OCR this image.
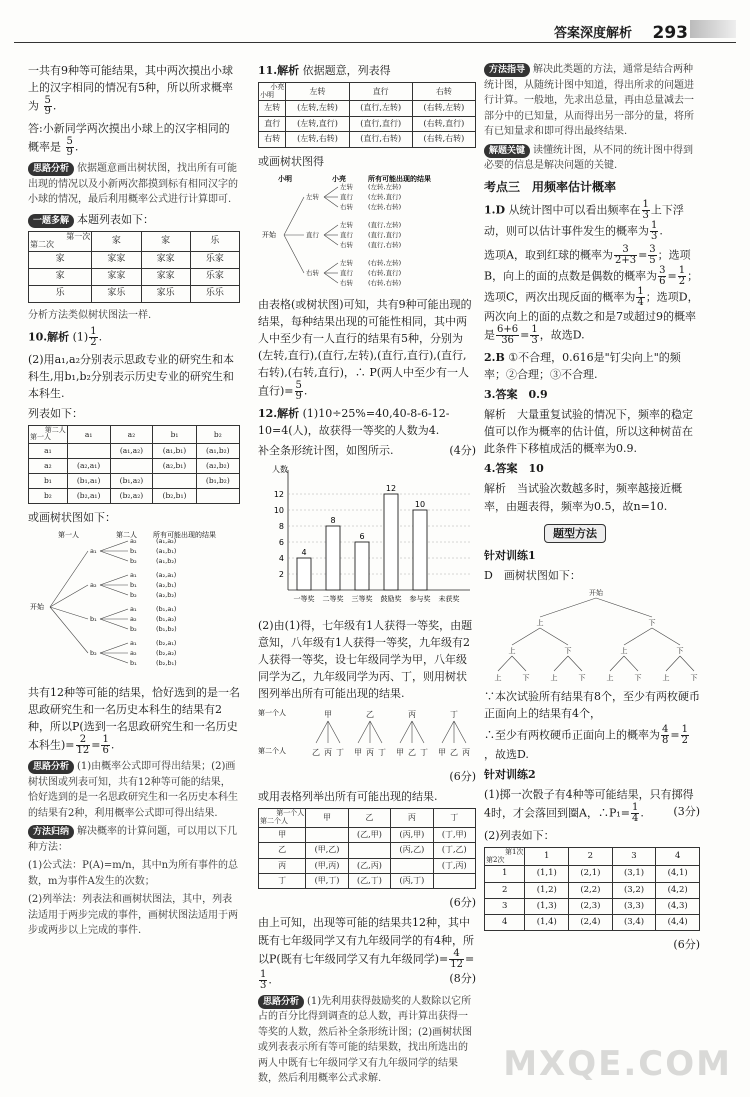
答案深度解析 293

一共有9种等可能结果，其中两次摸出小球上的汉字相同的情况有5种，所以所求概率为 $\frac{5}{9}$ .

答:小新同学两次摸出小球上的汉字相同的概率是 $\frac{5}{9}$ .

思路分析 依据题意画出树状图，找出所有可能出现的情况以及小新两次都摸到标有相同汉字的小球的情况，最后利用概率公式进行计算即可.

一题多解 本题列表如下：

第一次
第二次	家	家	乐
家	家家	家家	乐家
家	家家	家家	乐家
乐	家乐	家乐	乐乐

分析方法类似树状图法一样.

10.解析 $(1) \frac{1}{2}$ .

(2)用a₁,a₂分别表示思政专业的研究生和本科生,用b₁,b₂分别表示历史专业的研究生和本科生.

列表如下：

第二人
第一人	a₁	a₂	b₁	b₂
a₁		(a₁,a₂)	(a₁,b₁)	(a₁,b₂)
a₂	(a₂,a₁)		(a₂,b₁)	(a₂,b₂)
b₁	(b₁,a₁)	(b₁,a₂)		(b₁,b₂)
b₂	(b₂,a₁)	(b₂,a₂)	(b₂,b₁)	

或画树状图如下：

第一人	第二人 所有可能出现的结果
开始
a₁
a₂	(a₁,a₂)
b₁	(a₁,b₁)
b₂	(a₁,b₂)
a₂
a₁	(a₂,a₁)
b₁	(a₂,b₁)
b₂	(a₂,b₂)
b₁
a₁	(b₁,a₁)
a₂	(b₁,a₂)
b₂	(b₁,b₂)
b₂
a₁	(b₂,a₁)
a₂	(b₂,a₂)
b₁	(b₂,b₁)

共有12种等可能的结果，恰好选到的是一名思政研究生和一名历史本科生的结果有2种，所以P(选到一名思政研究生和一名历史本科生)= $\frac{2}{12} = \frac{1}{6}$ .

思路分析 (1)由概率公式即可得出结果；(2)画树状图或列表可知，共有12种等可能的结果，恰好选到的是一名思政研究生和一名历史本科生的结果有2种，利用概率公式即可得出结果.

方法归纳 解决概率的计算问题，可以用以下几种方法：

(1)公式法：P(A)=m/n，其中n为所有事件的总数，m为事件A发生的次数；

(2)列举法：列表法和画树状图法，其中，列表法适用于两步完成的事件，画树状图法适用于两步或两步以上完成的事件.

11.解析 依据题意，列表得

小亮
小明	左转	直行	右转
左转	(左转,左转)	(直行,左转)	(右转,左转)
直行	(左转,直行)	(直行,直行)	(右转,直行)
右转	(左转,右转)	(直行,右转)	(右转,右转)

或画树状图得

小明	小亮	所有可能出现的结果
开始
左转
左转 (左转,左转)
直行 (左转,直行)
右转 (左转,右转)
直行
左转 (直行,左转)
直行 (直行,直行)
右转 (直行,右转)
右转
左转 (右转,左转)
直行 (右转,直行)
右转 (右转,右转)

由表格(或树状图)可知，共有9种可能出现的结果，每种结果出现的可能性相同，其中两人中至少有一人直行的结果有5种，分别为(左转,直行),(直行,左转),(直行,直行),(直行,右转),(右转,直行)，∴ P(两人中至少有一人直行)= $\frac{5}{9}$ .

12.解析 (1)10÷25%=40,40-8-6-12-10=4(人)，故获得一等奖的人数为4.

补全条形统计图，如图所示.	(4分)

人数
2
4
6
8
10
12
4
8
6
12
10
一等奖 二等奖 三等奖 鼓励奖 参与奖 未获奖

(2)由(1)得，七年级有1人获得一等奖，由题意知，八年级有1人获得一等奖，九年级有2人获得一等奖，设七年级同学为甲，八年级同学为乙，九年级同学为丙、丁，则用树状图列举出所有可能出现的结果.

第一个人
第二个人
甲
乙 丙 丁
乙
甲 丙 丁
丙
甲 乙 丁
丁
甲 乙 丙

(6分)

或用表格列举出所有可能出现的结果.

第一个人
第二个人	甲	乙	丙	丁
甲		(乙,甲)	(丙,甲)	(丁,甲)
乙	(甲,乙)		(丙,乙)	(丁,乙)
丙	(甲,丙)	(乙,丙)		(丁,丙)
丁	(甲,丁)	(乙,丁)	(丙,丁)	

(6分)

由上可知，出现等可能的结果共12种，其中既有七年级同学又有九年级同学的有4种，所以P(既有七年级同学又有九年级同学)= $\frac{4}{12}$ =
$\frac{1}{3}$ .	(8分)

思路分析 (1)先利用获得鼓励奖的人数除以它所占的百分比得到调查的总人数，再计算出获得一等奖的人数，然后补全条形统计图；(2)画树状图或列表表示所有等可能的结果数，找出所选出的两人中既有七年级同学又有九年级同学的结果数，然后利用概率公式求解.

方法指导 解决此类题的方法，通常是结合两种统计图，从随统计图中知道，得出所求的问题进行计算。一般地，先求出总量，再由总量减去一部分中的已知量，从而得出另一部分的量，将所有已知量求和即可得出最终结果.

解题关键 读懂统计图，从不同的统计图中得到必要的信息是解决问题的关键.

考点三　用频率估计概率

1.D 从统计图中可以看出频率在 $\frac{1}{3}$ 上下浮动，则可以估计事件发生的概率为 $\frac{1}{3}$ .

选项A，取到红球的概率为 $\frac{3}{2+3} = \frac{3}{5}$ ；选项B，向上的面的点数是偶数的概率为 $\frac{3}{6} = \frac{1}{2}$ ；选项C，两次出现反面的概率为 $\frac{1}{4}$ ；选项D，两次向上的面的点数之和是7或超过9的概率是 $\frac{6+6}{36} = \frac{1}{3}$ ，故选D.

2.B ①不合理，0.616是"钉尖向上"的频率；②合理；③不合理.

3.答案　0.9

解析　大量重复试验的情况下，频率的稳定值可以作为概率的估计值，所以这种树苗在此条件下移植成活的概率为0.9.

4.答案　10

解析　当试验次数越多时，频率越接近概率，由题表得，频率为0.5，故n=10.

题型方法

针对训练1

D　画树状图如下：

开始
上	下
上	下	上	下
上	下	上	下	上	下	上	下

∵本次试验所有结果有8个，至少有两枚硬币正面向上的结果有4个，

∴至少有两枚硬币正面向上的概率为 $\frac{4}{8} = \frac{1}{2}$
，故选D.

针对训练2

(1)掷一次骰子有4种等可能结果，只有掷得4时，才会落回到圈A，∴P₁= $\frac{1}{4}$ .	(3分)

(2)列表如下：

第1次
第2次	1	2	3	4
1	(1,1)	(2,1)	(3,1)	(4,1)
2	(1,2)	(2,2)	(3,2)	(4,2)
3	(1,3)	(2,3)	(3,3)	(4,3)
4	(1,4)	(2,4)	(3,4)	(4,4)

(6分)

MXQE.COM
